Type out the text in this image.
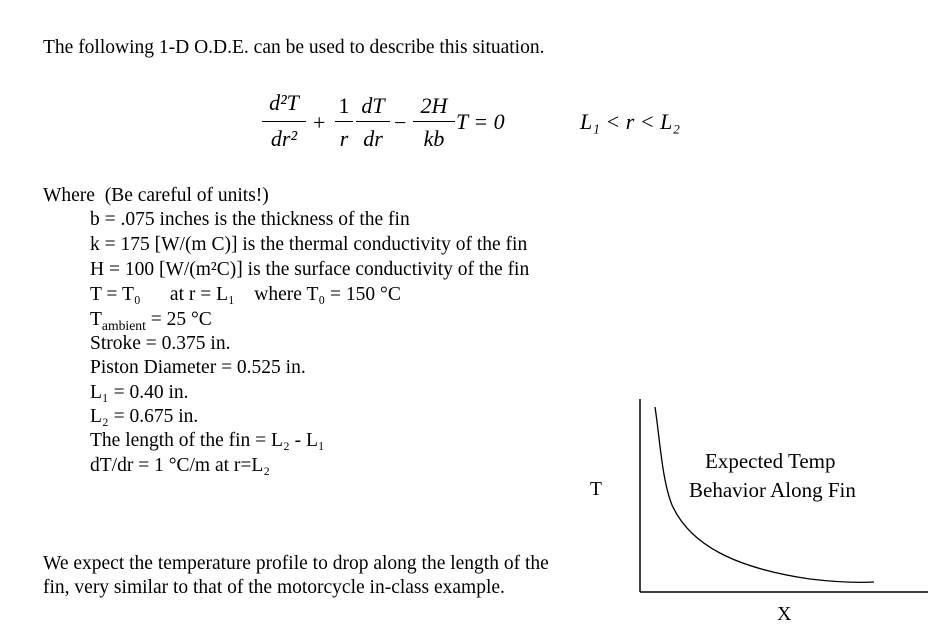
The following 1-D O.D.E. can be used to describe this situation.
d²T
dr²
+
1
r
dT
dr
−
2H
kb
T = 0	L₁ < r < L₂
Where  (Be careful of units!)
b = .075 inches is the thickness of the fin
k = 175 [W/(m C)] is the thermal conductivity of the fin
H = 100 [W/(m²C)] is the surface conductivity of the fin
T = T₀      at r = L₁    where T₀ = 150 °C
$T_{ambient} = 25$ °C
Stroke = 0.375 in.
Piston Diameter = 0.525 in.
L₁ = 0.40 in.
L₂ = 0.675 in.
The length of the fin = L₂ - L₁
dT/dr = 1 °C/m at r=L₂
We expect the temperature profile to drop along the length of the
fin, very similar to that of the motorcycle in-class example.
T
X
Expected Temp
Behavior Along Fin
